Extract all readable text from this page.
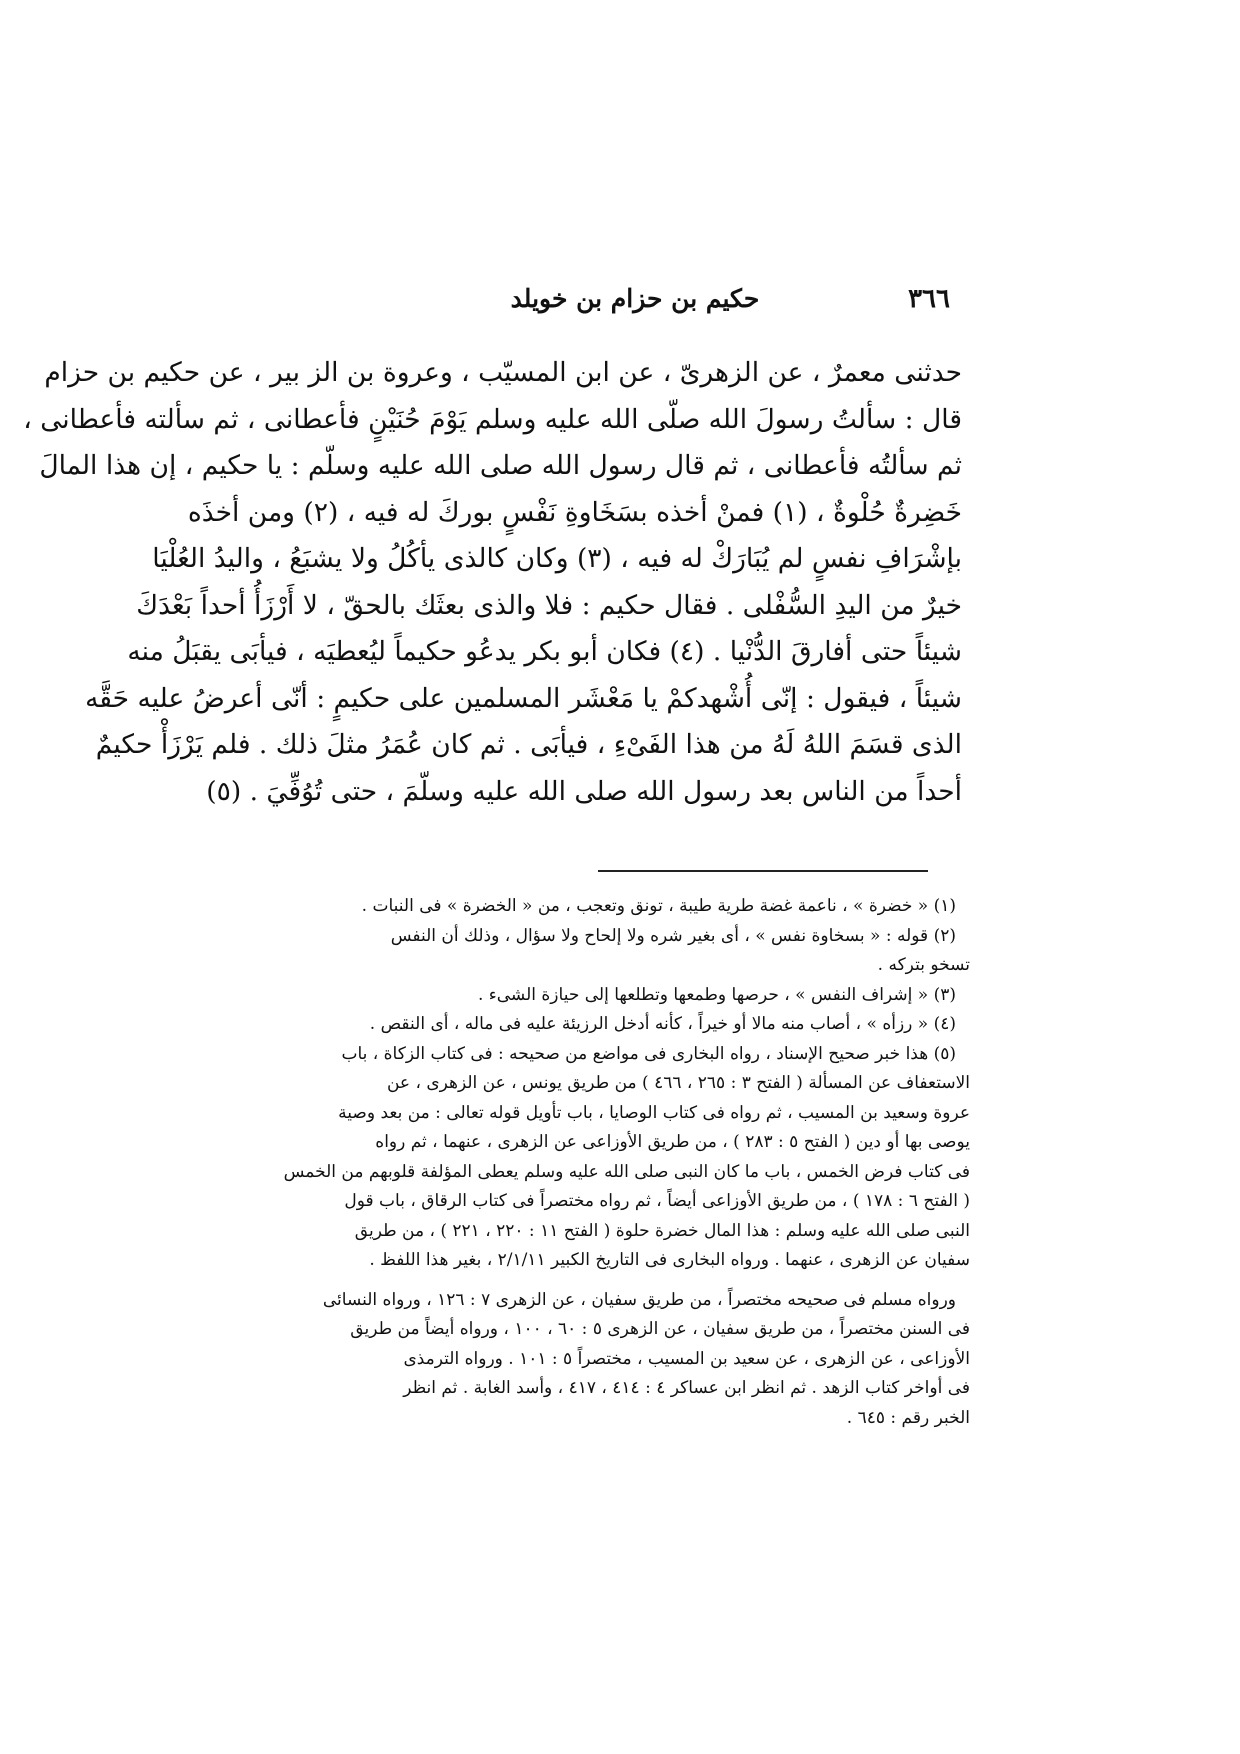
٣٦٦
حكيم بن حزام بن خويلد

حدثنى معمرٌ ، عن الزهرىّ ، عن ابن المسيّب ، وعروة بن الز بير ، عن حكيم بن حزام

قال : سألتُ رسولَ الله صلّى الله عليه وسلم يَوْمَ حُنَيْنٍ فأعطانى ، ثم سألته فأعطانى ،

ثم سألتُه فأعطانى ، ثم قال رسول الله صلى الله عليه وسلّم : يا حكيم ، إن هذا المالَ

خَضِرةٌ حُلْوةٌ ، (١) فمنْ أخذه بسَخَاوةِ نَفْسٍ بوركَ له فيه ، (٢) ومن أخذَه

بإشْرَافِ نفسٍ لم يُبَارَكْ له فيه ، (٣) وكان كالذى يأكُلُ ولا يشبَعُ ، واليدُ العُلْيَا

خيرٌ من اليدِ السُّفْلى . فقال حكيم : فلا والذى بعثَك بالحقّ ، لا أَرْزَأُ أحداً بَعْدَكَ

شيئاً حتى أفارقَ الدُّنْيا . (٤) فكان أبو بكر يدعُو حكيماً ليُعطيَه ، فيأبَى يقبَلُ منه

شيئاً ، فيقول : إنّى أُشْهدكمْ يا مَعْشَر المسلمين على حكيمٍ : أنّى أعرضُ عليه حَقَّه

الذى قسَمَ اللهُ لَهُ من هذا الفَىْءِ ، فيأبَى . ثم كان عُمَرُ مثلَ ذلك . فلم يَرْزَأْ حكيمٌ

أحداً من الناس بعد رسول الله صلى الله عليه وسلّمَ ، حتى تُوُفِّيَ . (٥)

(١) « خضرة » ، ناعمة غضة طرية طيبة ، تونق وتعجب ، من « الخضرة » فى النبات .

(٢) قوله : « بسخاوة نفس » ، أى بغير شره ولا إلحاح ولا سؤال ، وذلك أن النفس

تسخو بتركه .

(٣) « إشراف النفس » ، حرصها وطمعها وتطلعها إلى حيازة الشىء .

(٤) « رزأه » ، أصاب منه مالا أو خيراً ، كأنه أدخل الرزيئة عليه فى ماله ، أى النقص .

(٥) هذا خبر صحيح الإسناد ، رواه البخارى فى مواضع من صحيحه : فى كتاب الزكاة ، باب

الاستعفاف عن المسألة ( الفتح ٣ : ٢٦٥ ، ٤٦٦ ) من طريق يونس ، عن الزهرى ، عن

عروة وسعيد بن المسيب ، ثم رواه فى كتاب الوصايا ، باب تأويل قوله تعالى : من بعد وصية

يوصى بها أو دين ( الفتح ٥ : ٢٨٣ ) ، من طريق الأوزاعى عن الزهرى ، عنهما ، ثم رواه

فى كتاب فرض الخمس ، باب ما كان النبى صلى الله عليه وسلم يعطى المؤلفة قلوبهم من الخمس

( الفتح ٦ : ١٧٨ ) ، من طريق الأوزاعى أيضاً ، ثم رواه مختصراً فى كتاب الرقاق ، باب قول

النبى صلى الله عليه وسلم : هذا المال خضرة حلوة ( الفتح ١١ : ٢٢٠ ، ٢٢١ ) ، من طريق

سفيان عن الزهرى ، عنهما . ورواه البخارى فى التاريخ الكبير ٢/١/١١ ، بغير هذا اللفظ .

ورواه مسلم فى صحيحه مختصراً ، من طريق سفيان ، عن الزهرى ٧ : ١٢٦ ، ورواه النسائى

فى السنن مختصراً ، من طريق سفيان ، عن الزهرى ٥ : ٦٠ ، ١٠٠ ، ورواه أيضاً من طريق

الأوزاعى ، عن الزهرى ، عن سعيد بن المسيب ، مختصراً ٥ : ١٠١ . ورواه الترمذى

فى أواخر كتاب الزهد . ثم انظر ابن عساكر ٤ : ٤١٤ ، ٤١٧ ، وأسد الغابة . ثم انظر

الخبر رقم : ٦٤٥ .
